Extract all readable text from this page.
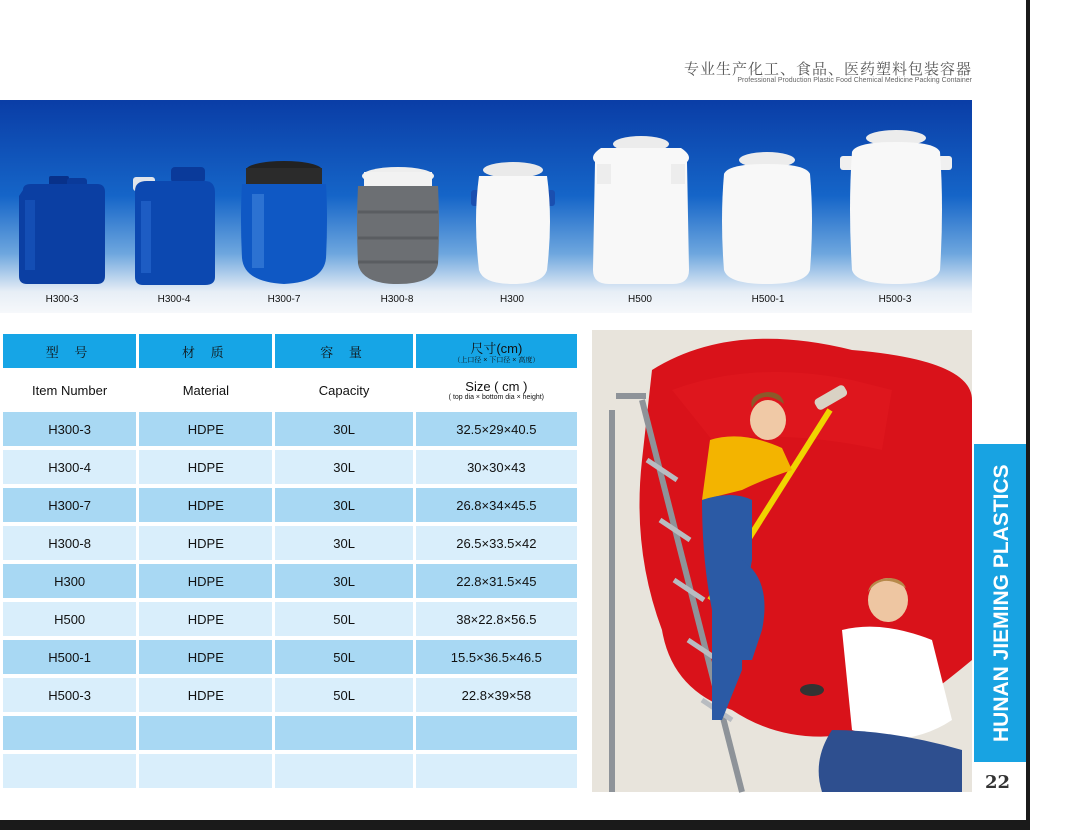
专业生产化工、食品、医药塑料包装容器
Professional Production Plastic Food Chemical Medicine Packing Container
H300-3	H300-4	H300-7	H300-8	H300	H500	H500-1	H500-3
型 号	材 质	容 量	尺寸(cm)
（上口径 × 下口径 × 高度）

Item Number	Material	Capacity	Size ( cm )
( top dia × bottom dia × height)

H300-3	HDPE	30L	32.5×29×40.5
H300-4	HDPE	30L	30×30×43
H300-7	HDPE	30L	26.8×34×45.5
H300-8	HDPE	30L	26.5×33.5×42
H300	HDPE	30L	22.8×31.5×45
H500	HDPE	50L	38×22.8×56.5
H500-1	HDPE	50L	15.5×36.5×46.5
H500-3	HDPE	50L	22.8×39×58

				HUNAN JIEMING PLASTICS INDUSTRY
22
